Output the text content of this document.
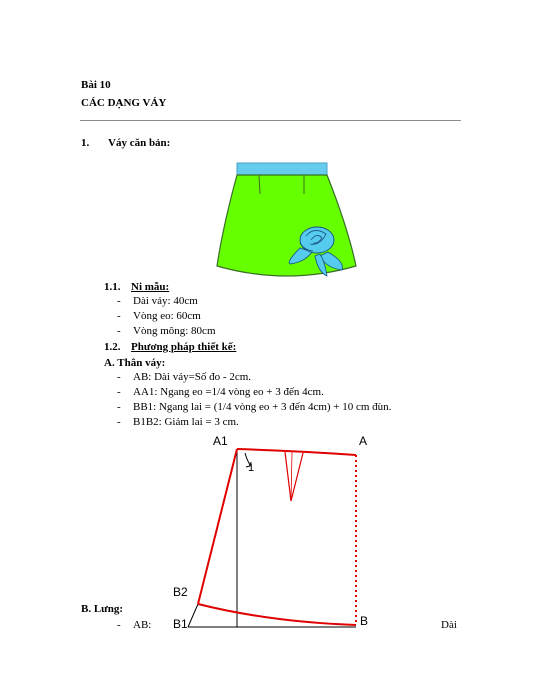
Bài 10
CÁC DẠNG VÁY
1. Váy căn bản:
1.1. Ni mẫu:
- Dài váy: 40cm
- Vòng eo: 60cm
- Vòng mông: 80cm
1.2. Phương pháp thiết kế:
A. Thân váy:
- AB: Dài váy=Số đo - 2cm.
- AA1: Ngang eo =1/4 vòng eo + 3 đến 4cm.
- BB1: Ngang lai = (1/4 vòng eo + 3 đến 4cm) + 10 cm đùn.
- B1B2: Giảm lai = 3 cm.
A1	A
1
B2
B1	B
B. Lưng:
- AB:	Dài
